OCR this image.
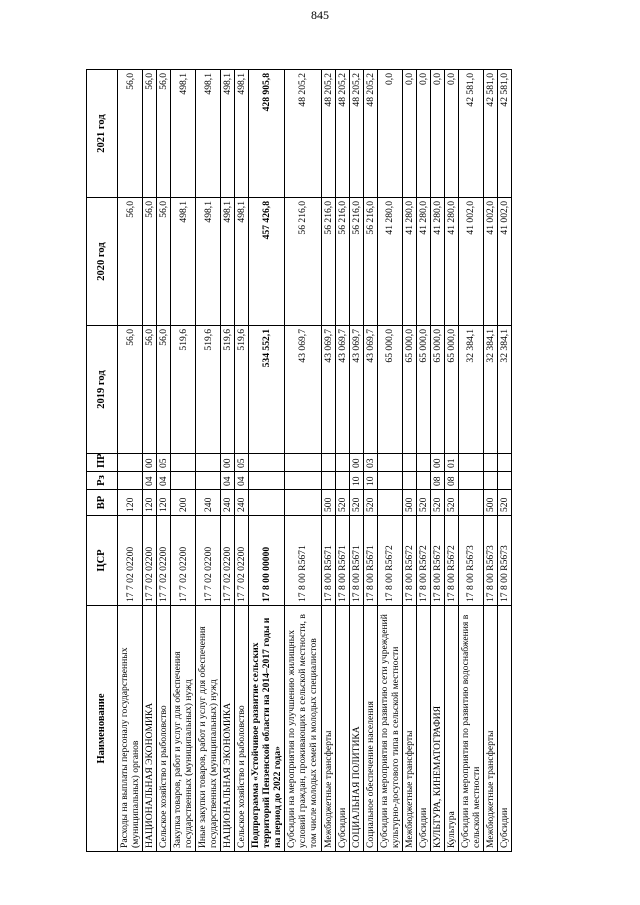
845
Наименование	ЦСР	ВР	Рз	ПР	2019 год	2020 год	2021 год
Расходы на выплаты персоналу государственных (муниципальных) органов	17 7 02 02200	120			56,0	56,0	56,0
НАЦИОНАЛЬНАЯ ЭКОНОМИКА	17 7 02 02200	120	04	00	56,0	56,0	56,0
Сельское хозяйство и рыболовство	17 7 02 02200	120	04	05	56,0	56,0	56,0
Закупка товаров, работ и услуг для обеспечения государственных (муниципальных) нужд	17 7 02 02200	200			519,6	498,1	498,1
Иные закупки товаров, работ и услуг для обеспечения государственных (муниципальных) нужд	17 7 02 02200	240			519,6	498,1	498,1
НАЦИОНАЛЬНАЯ ЭКОНОМИКА	17 7 02 02200	240	04	00	519,6	498,1	498,1
Сельское хозяйство и рыболовство	17 7 02 02200	240	04	05	519,6	498,1	498,1
Подпрограмма «Устойчивое развитие сельских территорий Пензенской области на 2014–2017 годы и на период до 2022 года»	17 8 00 00000				534 552,1	457 426,8	428 905,8
Субсидии на мероприятия по улучшению жилищных условий граждан, проживающих в сельской местности, в том числе молодых семей и молодых специалистов	17 8 00 R5671				43 069,7	56 216,0	48 205,2
Межбюджетные трансферты	17 8 00 R5671	500			43 069,7	56 216,0	48 205,2
Субсидии	17 8 00 R5671	520			43 069,7	56 216,0	48 205,2
СОЦИАЛЬНАЯ ПОЛИТИКА	17 8 00 R5671	520	10	00	43 069,7	56 216,0	48 205,2
Социальное обеспечение населения	17 8 00 R5671	520	10	03	43 069,7	56 216,0	48 205,2
Субсидии на мероприятия по развитию сети учреждений культурно-досугового типа в сельской местности	17 8 00 R5672				65 000,0	41 280,0	0,0
Межбюджетные трансферты	17 8 00 R5672	500			65 000,0	41 280,0	0,0
Субсидии	17 8 00 R5672	520			65 000,0	41 280,0	0,0
КУЛЬТУРА, КИНЕМАТОГРАФИЯ	17 8 00 R5672	520	08	00	65 000,0	41 280,0	0,0
Культура	17 8 00 R5672	520	08	01	65 000,0	41 280,0	0,0
Субсидии на мероприятия по развитию водоснабжения в сельской местности	17 8 00 R5673				32 384,1	41 002,0	42 581,0
Межбюджетные трансферты	17 8 00 R5673	500			32 384,1	41 002,0	42 581,0
Субсидии	17 8 00 R5673	520			32 384,1	41 002,0	42 581,0
